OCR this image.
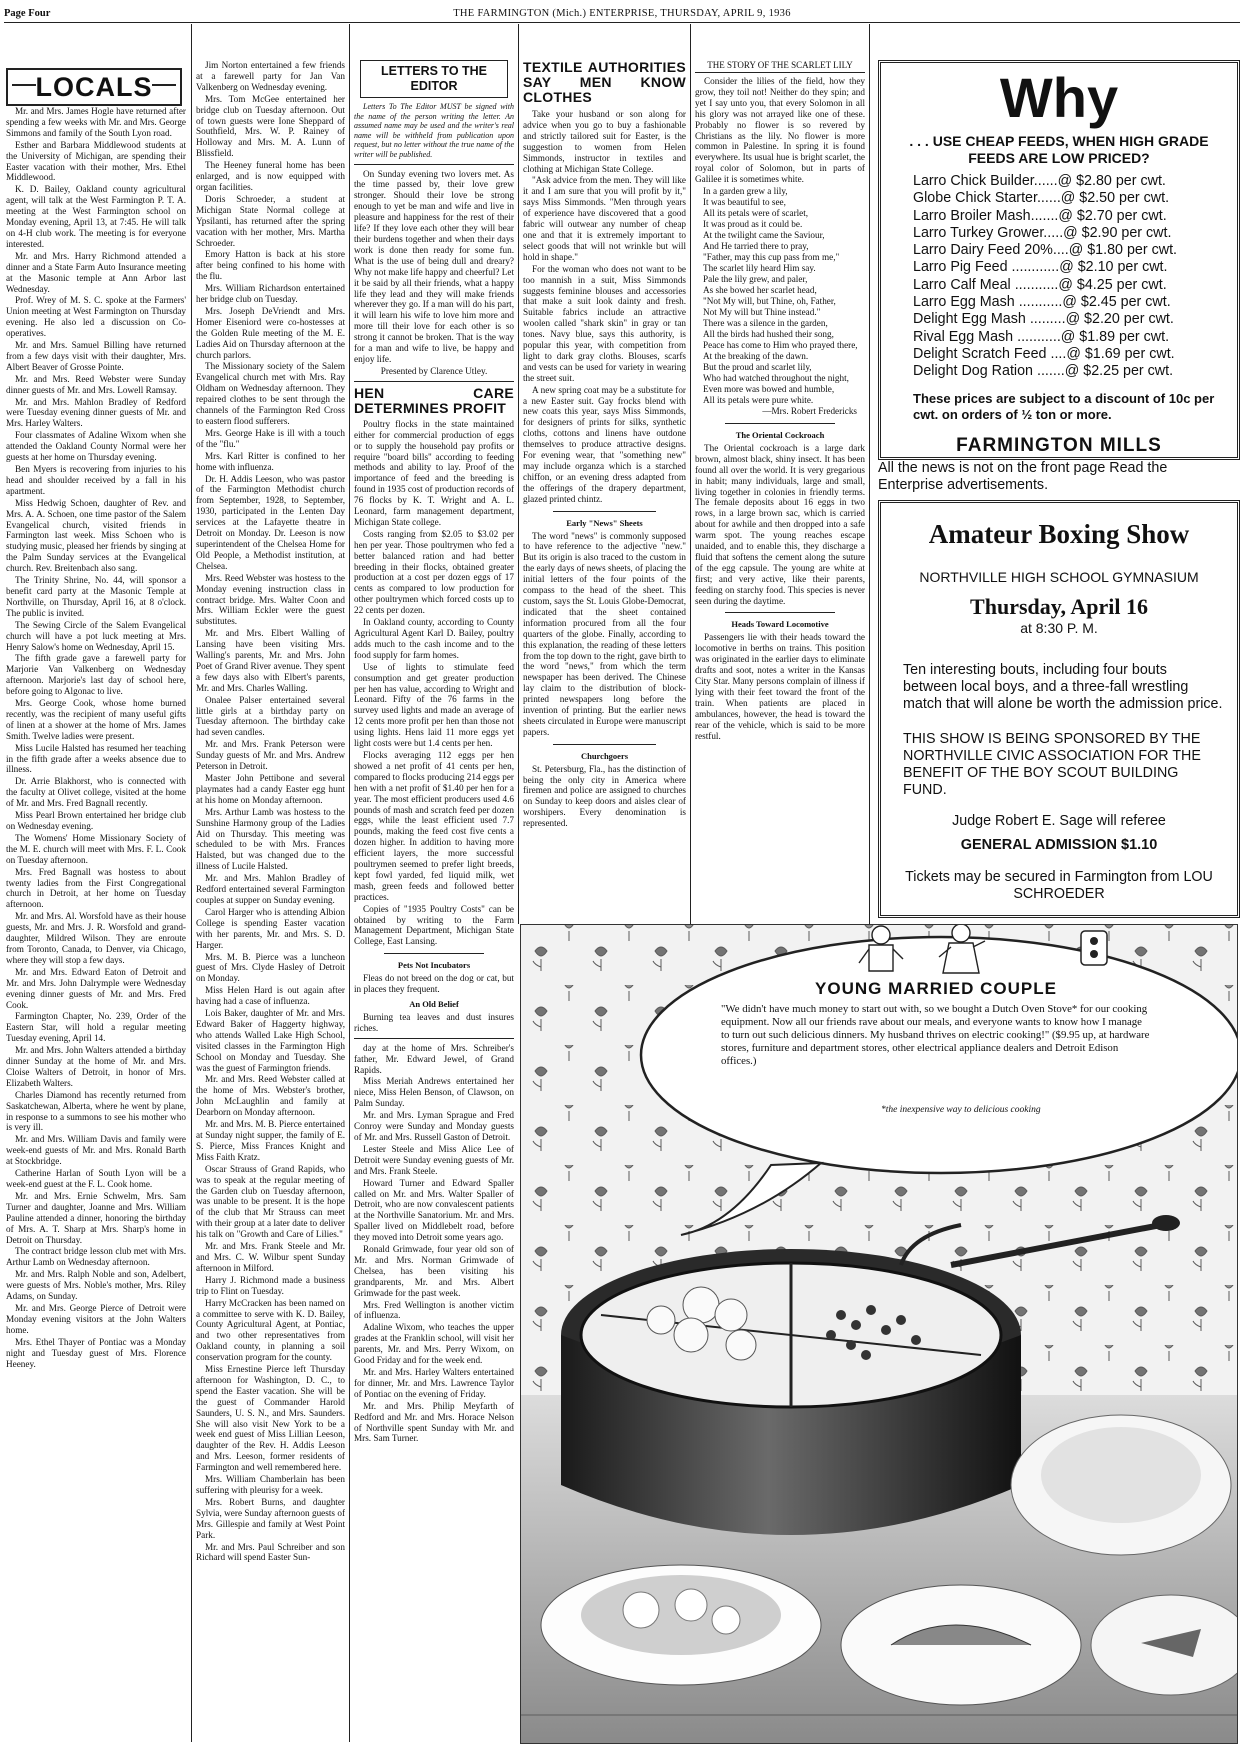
Page Four	THE FARMINGTON (Mich.) ENTERPRISE, THURSDAY, APRIL 9, 1936
LOCALS

Mr. and Mrs. James Hogle have returned after spending a few weeks with Mr. and Mrs. George Simmons and family of the South Lyon road.

Esther and Barbara Middlewood students at the University of Michigan, are spending their Easter vacation with their mother, Mrs. Ethel Middlewood.

K. D. Bailey, Oakland county agricultural agent, will talk at the West Farmington P. T. A. meeting at the West Farmington school on Monday evening, April 13, at 7:45. He will talk on 4-H club work. The meeting is for everyone interested.

Mr. and Mrs. Harry Richmond attended a dinner and a State Farm Auto Insurance meeting at the Masonic temple at Ann Arbor last Wednesday.

Prof. Wrey of M. S. C. spoke at the Farmers' Union meeting at West Farmington on Thursday evening. He also led a discussion on Co-operatives.

Mr. and Mrs. Samuel Billing have returned from a few days visit with their daughter, Mrs. Albert Beaver of Grosse Pointe.

Mr. and Mrs. Reed Webster were Sunday dinner guests of Mr. and Mrs. Lowell Ramsay.

Mr. and Mrs. Mahlon Bradley of Redford were Tuesday evening dinner guests of Mr. and Mrs. Harley Walters.

Four classmates of Adaline Wixom when she attended the Oakland County Normal were her guests at her home on Thursday evening.

Ben Myers is recovering from injuries to his head and shoulder received by a fall in his apartment.

Miss Hedwig Schoen, daughter of Rev. and Mrs. A. A. Schoen, one time pastor of the Salem Evangelical church, visited friends in Farmington last week. Miss Schoen who is studying music, pleased her friends by singing at the Palm Sunday services at the Evangelical church. Rev. Breitenbach also sang.

The Trinity Shrine, No. 44, will sponsor a benefit card party at the Masonic Temple at Northville, on Thursday, April 16, at 8 o'clock. The public is invited.

The Sewing Circle of the Salem Evangelical church will have a pot luck meeting at Mrs. Henry Salow's home on Wednesday, April 15.

The fifth grade gave a farewell party for Marjorie Van Valkenberg on Wednesday afternoon. Marjorie's last day of school here, before going to Algonac to live.

Mrs. George Cook, whose home burned recently, was the recipient of many useful gifts of linen at a shower at the home of Mrs. James Smith. Twelve ladies were present.

Miss Lucile Halsted has resumed her teaching in the fifth grade after a weeks absence due to illness.

Dr. Arrie Blakhorst, who is connected with the faculty at Olivet college, visited at the home of Mr. and Mrs. Fred Bagnall recently.

Miss Pearl Brown entertained her bridge club on Wednesday evening.

The Womens' Home Missionary Society of the M. E. church will meet with Mrs. F. L. Cook on Tuesday afternoon.

Mrs. Fred Bagnall was hostess to about twenty ladies from the First Congregational church in Detroit, at her home on Tuesday afternoon.

Mr. and Mrs. Al. Worsfold have as their house guests, Mr. and Mrs. J. R. Worsfold and grand-daughter, Mildred Wilson. They are enroute from Toronto, Canada, to Denver, via Chicago, where they will stop a few days.

Mr. and Mrs. Edward Eaton of Detroit and Mr. and Mrs. John Dalrymple were Wednesday evening dinner guests of Mr. and Mrs. Fred Cook.

Farmington Chapter, No. 239, Order of the Eastern Star, will hold a regular meeting Tuesday evening, April 14.

Mr. and Mrs. John Walters attended a birthday dinner Sunday at the home of Mr. and Mrs. Cloise Walters of Detroit, in honor of Mrs. Elizabeth Walters.

Charles Diamond has recently returned from Saskatchewan, Alberta, where he went by plane, in response to a summons to see his mother who is very ill.

Mr. and Mrs. William Davis and family were week-end guests of Mr. and Mrs. Ronald Barth at Stockbridge.

Catherine Harlan of South Lyon will be a week-end guest at the F. L. Cook home.

Mr. and Mrs. Ernie Schwelm, Mrs. Sam Turner and daughter, Joanne and Mrs. William Pauline attended a dinner, honoring the birthday of Mrs. A. T. Sharp at Mrs. Sharp's home in Detroit on Thursday.

The contract bridge lesson club met with Mrs. Arthur Lamb on Wednesday afternoon.

Mr. and Mrs. Ralph Noble and son, Adelbert, were guests of Mrs. Noble's mother, Mrs. Riley Adams, on Sunday.

Mr. and Mrs. George Pierce of Detroit were Monday evening visitors at the John Walters home.

Mrs. Ethel Thayer of Pontiac was a Monday night and Tuesday guest of Mrs. Florence Heeney.

Jim Norton entertained a few friends at a farewell party for Jan Van Valkenberg on Wednesday evening.

Mrs. Tom McGee entertained her bridge club on Tuesday afternoon. Out of town guests were Ione Sheppard of Southfield, Mrs. W. P. Rainey of Holloway and Mrs. M. A. Lunn of Blissfield.

The Heeney funeral home has been enlarged, and is now equipped with organ facilities.

Doris Schroeder, a student at Michigan State Normal college at Ypsilanti, has returned after the spring vacation with her mother, Mrs. Martha Schroeder.

Emory Hatton is back at his store after being confined to his home with the flu.

Mrs. William Richardson entertained her bridge club on Tuesday.

Mrs. Joseph DeVriendt and Mrs. Homer Eiseniord were co-hostesses at the Golden Rule meeting of the M. E. Ladies Aid on Thursday afternoon at the church parlors.

The Missionary society of the Salem Evangelical church met with Mrs. Ray Oldham on Wednesday afternoon. They repaired clothes to be sent through the channels of the Farmington Red Cross to eastern flood sufferers.

Mrs. George Hake is ill with a touch of the "flu."

Mrs. Karl Ritter is confined to her home with influenza.

Dr. H. Addis Leeson, who was pastor of the Farmington Methodist church from September, 1928, to September, 1930, participated in the Lenten Day services at the Lafayette theatre in Detroit on Monday. Dr. Leeson is now superintendent of the Chelsea Home for Old People, a Methodist institution, at Chelsea.

Mrs. Reed Webster was hostess to the Monday evening instruction class in contract bridge. Mrs. Walter Coon and Mrs. William Eckler were the guest substitutes.

Mr. and Mrs. Elbert Walling of Lansing have been visiting Mrs. Walling's parents, Mr. and Mrs. John Poet of Grand River avenue. They spent a few days also with Elbert's parents, Mr. and Mrs. Charles Walling.

Onalee Palser entertained several little girls at a birthday party on Tuesday afternoon. The birthday cake had seven candles.

Mr. and Mrs. Frank Peterson were Sunday guests of Mr. and Mrs. Andrew Peterson in Detroit.

Master John Pettibone and several playmates had a candy Easter egg hunt at his home on Monday afternoon.

Mrs. Arthur Lamb was hostess to the Sunshine Harmony group of the Ladies Aid on Thursday. This meeting was scheduled to be with Mrs. Frances Halsted, but was changed due to the illness of Lucile Halsted.

Mr. and Mrs. Mahlon Bradley of Redford entertained several Farmington couples at supper on Sunday evening.

Carol Harger who is attending Albion College is spending Easter vacation with her parents, Mr. and Mrs. S. D. Harger.

Mrs. M. B. Pierce was a luncheon guest of Mrs. Clyde Hasley of Detroit on Monday.

Miss Helen Hard is out again after having had a case of influenza.

Lois Baker, daughter of Mr. and Mrs. Edward Baker of Haggerty highway, who attends Walled Lake High School, visited classes in the Farmington High School on Monday and Tuesday. She was the guest of Farmington friends.

Mr. and Mrs. Reed Webster called at the home of Mrs. Webster's brother, John McLaughlin and family at Dearborn on Monday afternoon.

Mr. and Mrs. M. B. Pierce entertained at Sunday night supper, the family of E. S. Pierce, Miss Frances Knight and Miss Faith Kratz.

Oscar Strauss of Grand Rapids, who was to speak at the regular meeting of the Garden club on Tuesday afternoon, was unable to be present. It is the hope of the club that Mr Strauss can meet with their group at a later date to deliver his talk on "Growth and Care of Lilies."

Mr. and Mrs. Frank Steele and Mr. and Mrs. C. W. Wilbur spent Sunday afternoon in Milford.

Harry J. Richmond made a business trip to Flint on Tuesday.

Harry McCracken has been named on a committee to serve with K. D. Bailey, County Agricultural Agent, at Pontiac, and two other representatives from Oakland county, in planning a soil conservation program for the county.

Miss Ernestine Pierce left Thursday afternoon for Washington, D. C., to spend the Easter vacation. She will be the guest of Commander Harold Saunders, U. S. N., and Mrs. Saunders. She will also visit New York to be a week end guest of Miss Lillian Leeson, daughter of the Rev. H. Addis Leeson and Mrs. Leeson, former residents of Farmington and well remembered here.

Mrs. William Chamberlain has been suffering with pleurisy for a week.

Mrs. Robert Burns, and daughter Sylvia, were Sunday afternoon guests of Mrs. Gillespie and family at West Point Park.

Mr. and Mrs. Paul Schreiber and son Richard will spend Easter Sun-

LETTERS TO THE EDITOR

Letters To The Editor MUST be signed with the name of the person writing the letter. An assumed name may be used and the writer's real name will be withheld from publication upon request, but no letter without the true name of the writer will be published.

On Sunday evening two lovers met. As the time passed by, their love grew stronger. Should their love be strong enough to yet be man and wife and live in pleasure and happiness for the rest of their life? If they love each other they will bear their burdens together and when their days work is done then ready for some fun. What is the use of being dull and dreary? Why not make life happy and cheerful? Let it be said by all their friends, what a happy life they lead and they will make friends wherever they go. If a man will do his part, it will learn his wife to love him more and more till their love for each other is so strong it cannot be broken. That is the way for a man and wife to live, be happy and enjoy life.

Presented by Clarence Utley.

HEN CARE DETERMINES PROFIT

Poultry flocks in the state maintained either for commercial production of eggs or to supply the household pay profits or require "board bills" according to feeding methods and ability to lay. Proof of the importance of feed and the breeding is found in 1935 cost of production records of 76 flocks by K. T. Wright and A. L. Leonard, farm management department, Michigan State college.

Costs ranging from $2.05 to $3.02 per hen per year. Those poultrymen who fed a better balanced ration and had better breeding in their flocks, obtained greater production at a cost per dozen eggs of 17 cents as compared to low production for other poultrymen which forced costs up to 22 cents per dozen.

In Oakland county, according to County Agricultural Agent Karl D. Bailey, poultry adds much to the cash income and to the food supply for farm homes.

Use of lights to stimulate feed consumption and get greater production per hen has value, according to Wright and Leonard. Fifty of the 76 farms in the survey used lights and made an average of 12 cents more profit per hen than those not using lights. Hens laid 11 more eggs yet light costs were but 1.4 cents per hen.

Flocks averaging 112 eggs per hen showed a net profit of 41 cents per hen, compared to flocks producing 214 eggs per hen with a net profit of $1.40 per hen for a year. The most efficient producers used 4.6 pounds of mash and scratch feed per dozen eggs, while the least efficient used 7.7 pounds, making the feed cost five cents a dozen higher. In addition to having more efficient layers, the more successful poultrymen seemed to prefer light breeds, kept fowl yarded, fed liquid milk, wet mash, green feeds and followed better practices.

Copies of "1935 Poultry Costs" can be obtained by writing to the Farm Management Department, Michigan State College, East Lansing.

Pets Not Incubators

Fleas do not breed on the dog or cat, but in places they frequent.

An Old Belief

Burning tea leaves and dust insures riches.

day at the home of Mrs. Schreiber's father, Mr. Edward Jewel, of Grand Rapids.

Miss Meriah Andrews entertained her niece, Miss Helen Benson, of Clawson, on Palm Sunday.

Mr. and Mrs. Lyman Sprague and Fred Conroy were Sunday and Monday guests of Mr. and Mrs. Russell Gaston of Detroit.

Lester Steele and Miss Alice Lee of Detroit were Sunday evening guests of Mr. and Mrs. Frank Steele.

Howard Turner and Edward Spaller called on Mr. and Mrs. Walter Spaller of Detroit, who are now convalescent patients at the Northville Sanatorium. Mr. and Mrs. Spaller lived on Middlebelt road, before they moved into Detroit some years ago.

Ronald Grimwade, four year old son of Mr. and Mrs. Norman Grimwade of Chelsea, has been visiting his grandparents, Mr. and Mrs. Albert Grimwade for the past week.

Mrs. Fred Wellington is another victim of influenza.

Adaline Wixom, who teaches the upper grades at the Franklin school, will visit her parents, Mr. and Mrs. Perry Wixom, on Good Friday and for the week end.

Mr. and Mrs. Harley Walters entertained for dinner, Mr. and Mrs. Lawrence Taylor of Pontiac on the evening of Friday.

Mr. and Mrs. Philip Meyfarth of Redford and Mr. and Mrs. Horace Nelson of Northville spent Sunday with Mr. and Mrs. Sam Turner.

TEXTILE AUTHORITIES SAY MEN KNOW CLOTHES

Take your husband or son along for advice when you go to buy a fashionable and strictly tailored suit for Easter, is the suggestion to women from Helen Simmonds, instructor in textiles and clothing at Michigan State College.

"Ask advice from the men. They will like it and I am sure that you will profit by it," says Miss Simmonds. "Men through years of experience have discovered that a good fabric will outwear any number of cheap one and that it is extremely important to select goods that will not wrinkle but will hold in shape."

For the woman who does not want to be too mannish in a suit, Miss Simmonds suggests feminine blouses and accessories that make a suit look dainty and fresh. Suitable fabrics include an attractive woolen called "shark skin" in gray or tan tones. Navy blue, says this authority, is popular this year, with competition from light to dark gray cloths. Blouses, scarfs and vests can be used for variety in wearing the street suit.

A new spring coat may be a substitute for a new Easter suit. Gay frocks blend with new coats this year, says Miss Simmonds, for designers of prints for silks, synthetic cloths, cottons and linens have outdone themselves to produce attractive designs. For evening wear, that "something new" may include organza which is a starched chiffon, or an evening dress adapted from the offerings of the drapery department, glazed printed chintz.

Early "News" Sheets

The word "news" is commonly supposed to have reference to the adjective "new." But its origin is also traced to the custom in the early days of news sheets, of placing the initial letters of the four points of the compass to the head of the sheet. This custom, says the St. Louis Globe-Democrat, indicated that the sheet contained information procured from all the four quarters of the globe. Finally, according to this explanation, the reading of these letters from the top down to the right, gave birth to the word "news," from which the term newspaper has been derived. The Chinese lay claim to the distribution of block-printed newspapers long before the invention of printing. But the earlier news sheets circulated in Europe were manuscript papers.

Churchgoers

St. Petersburg, Fla., has the distinction of being the only city in America where firemen and police are assigned to churches on Sunday to keep doors and aisles clear of worshipers. Every denomination is represented.

THE STORY OF THE SCARLET LILY

Consider the lilies of the field, how they grow, they toil not! Neither do they spin; and yet I say unto you, that every Solomon in all his glory was not arrayed like one of these. Probably no flower is so revered by Christians as the lily. No flower is more common in Palestine. In spring it is found everywhere. Its usual hue is bright scarlet, the royal color of Solomon, but in parts of Galilee it is sometimes white.

In a garden grew a lily,
It was beautiful to see,
All its petals were of scarlet,
It was proud as it could be.
At the twilight came the Saviour,
And He tarried there to pray,
"Father, may this cup pass from me,"
The scarlet lily heard Him say.
Pale the lily grew, and paler,
As she bowed her scarlet head,
"Not My will, but Thine, oh, Father,
Not My will but Thine instead."
There was a silence in the garden,
All the birds had hushed their song,
Peace has come to Him who prayed there,
At the breaking of the dawn.
But the proud and scarlet lily,
Who had watched throughout the night,
Even more was bowed and humble,
All its petals were pure white.
—Mrs. Robert Fredericks
The Oriental Cockroach

The Oriental cockroach is a large dark brown, almost black, shiny insect. It has been found all over the world. It is very gregarious in habit; many individuals, large and small, living together in colonies in friendly terms. The female deposits about 16 eggs in two rows, in a large brown sac, which is carried about for awhile and then dropped into a safe warm spot. The young reaches escape unaided, and to enable this, they discharge a fluid that softens the cement along the suture of the egg capsule. The young are white at first; and very active, like their parents, feeding on starchy food. This species is never seen during the daytime.

Heads Toward Locomotive

Passengers lie with their heads toward the locomotive in berths on trains. This position was originated in the earlier days to eliminate drafts and soot, notes a writer in the Kansas City Star. Many persons complain of illness if lying with their feet toward the front of the train. When patients are placed in ambulances, however, the head is toward the rear of the vehicle, which is said to be more restful.

Why
. . . USE CHEAP FEEDS, WHEN HIGH GRADE FEEDS ARE LOW PRICED?
Larro Chick Builder......@ $2.80 per cwt.
Globe Chick Starter......@ $2.50 per cwt.
Larro Broiler Mash.......@ $2.70 per cwt.
Larro Turkey Grower.....@ $2.90 per cwt.
Larro Dairy Feed 20%....@ $1.80 per cwt.
Larro Pig Feed ............@ $2.10 per cwt.
Larro Calf Meal ...........@ $4.25 per cwt.
Larro Egg Mash ...........@ $2.45 per cwt.
Delight Egg Mash .........@ $2.20 per cwt.
Rival Egg Mash ...........@ $1.89 per cwt.
Delight Scratch Feed ....@ $1.69 per cwt.
Delight Dog Ration .......@ $2.25 per cwt.
These prices are subject to a discount of 10c per cwt. on orders of ½ ton or more.
FARMINGTON MILLS
All the news is not on the front page Read the Enterprise advertisements.
Amateur Boxing Show
NORTHVILLE HIGH SCHOOL GYMNASIUM
Thursday, April 16
at 8:30 P. M.
Ten interesting bouts, including four bouts between local boys, and a three-fall wrestling match that will alone be worth the admission price.
THIS SHOW IS BEING SPONSORED BY THE NORTHVILLE CIVIC ASSOCIATION FOR THE BENEFIT OF THE BOY SCOUT BUILDING FUND.
Judge Robert E. Sage will referee
GENERAL ADMISSION $1.10
Tickets may be secured in Farmington from LOU SCHROEDER
YOUNG MARRIED COUPLE
"We didn't have much money to start out with, so we bought a Dutch Oven Stove* for our cooking equipment. Now all our friends rave about our meals, and everyone wants to know how I manage to turn out such delicious dinners. My husband thrives on electric cooking!" ($9.95 up, at hardware stores, furniture and department stores, other electrical appliance dealers and Detroit Edison offices.)
*the inexpensive way to delicious cooking
